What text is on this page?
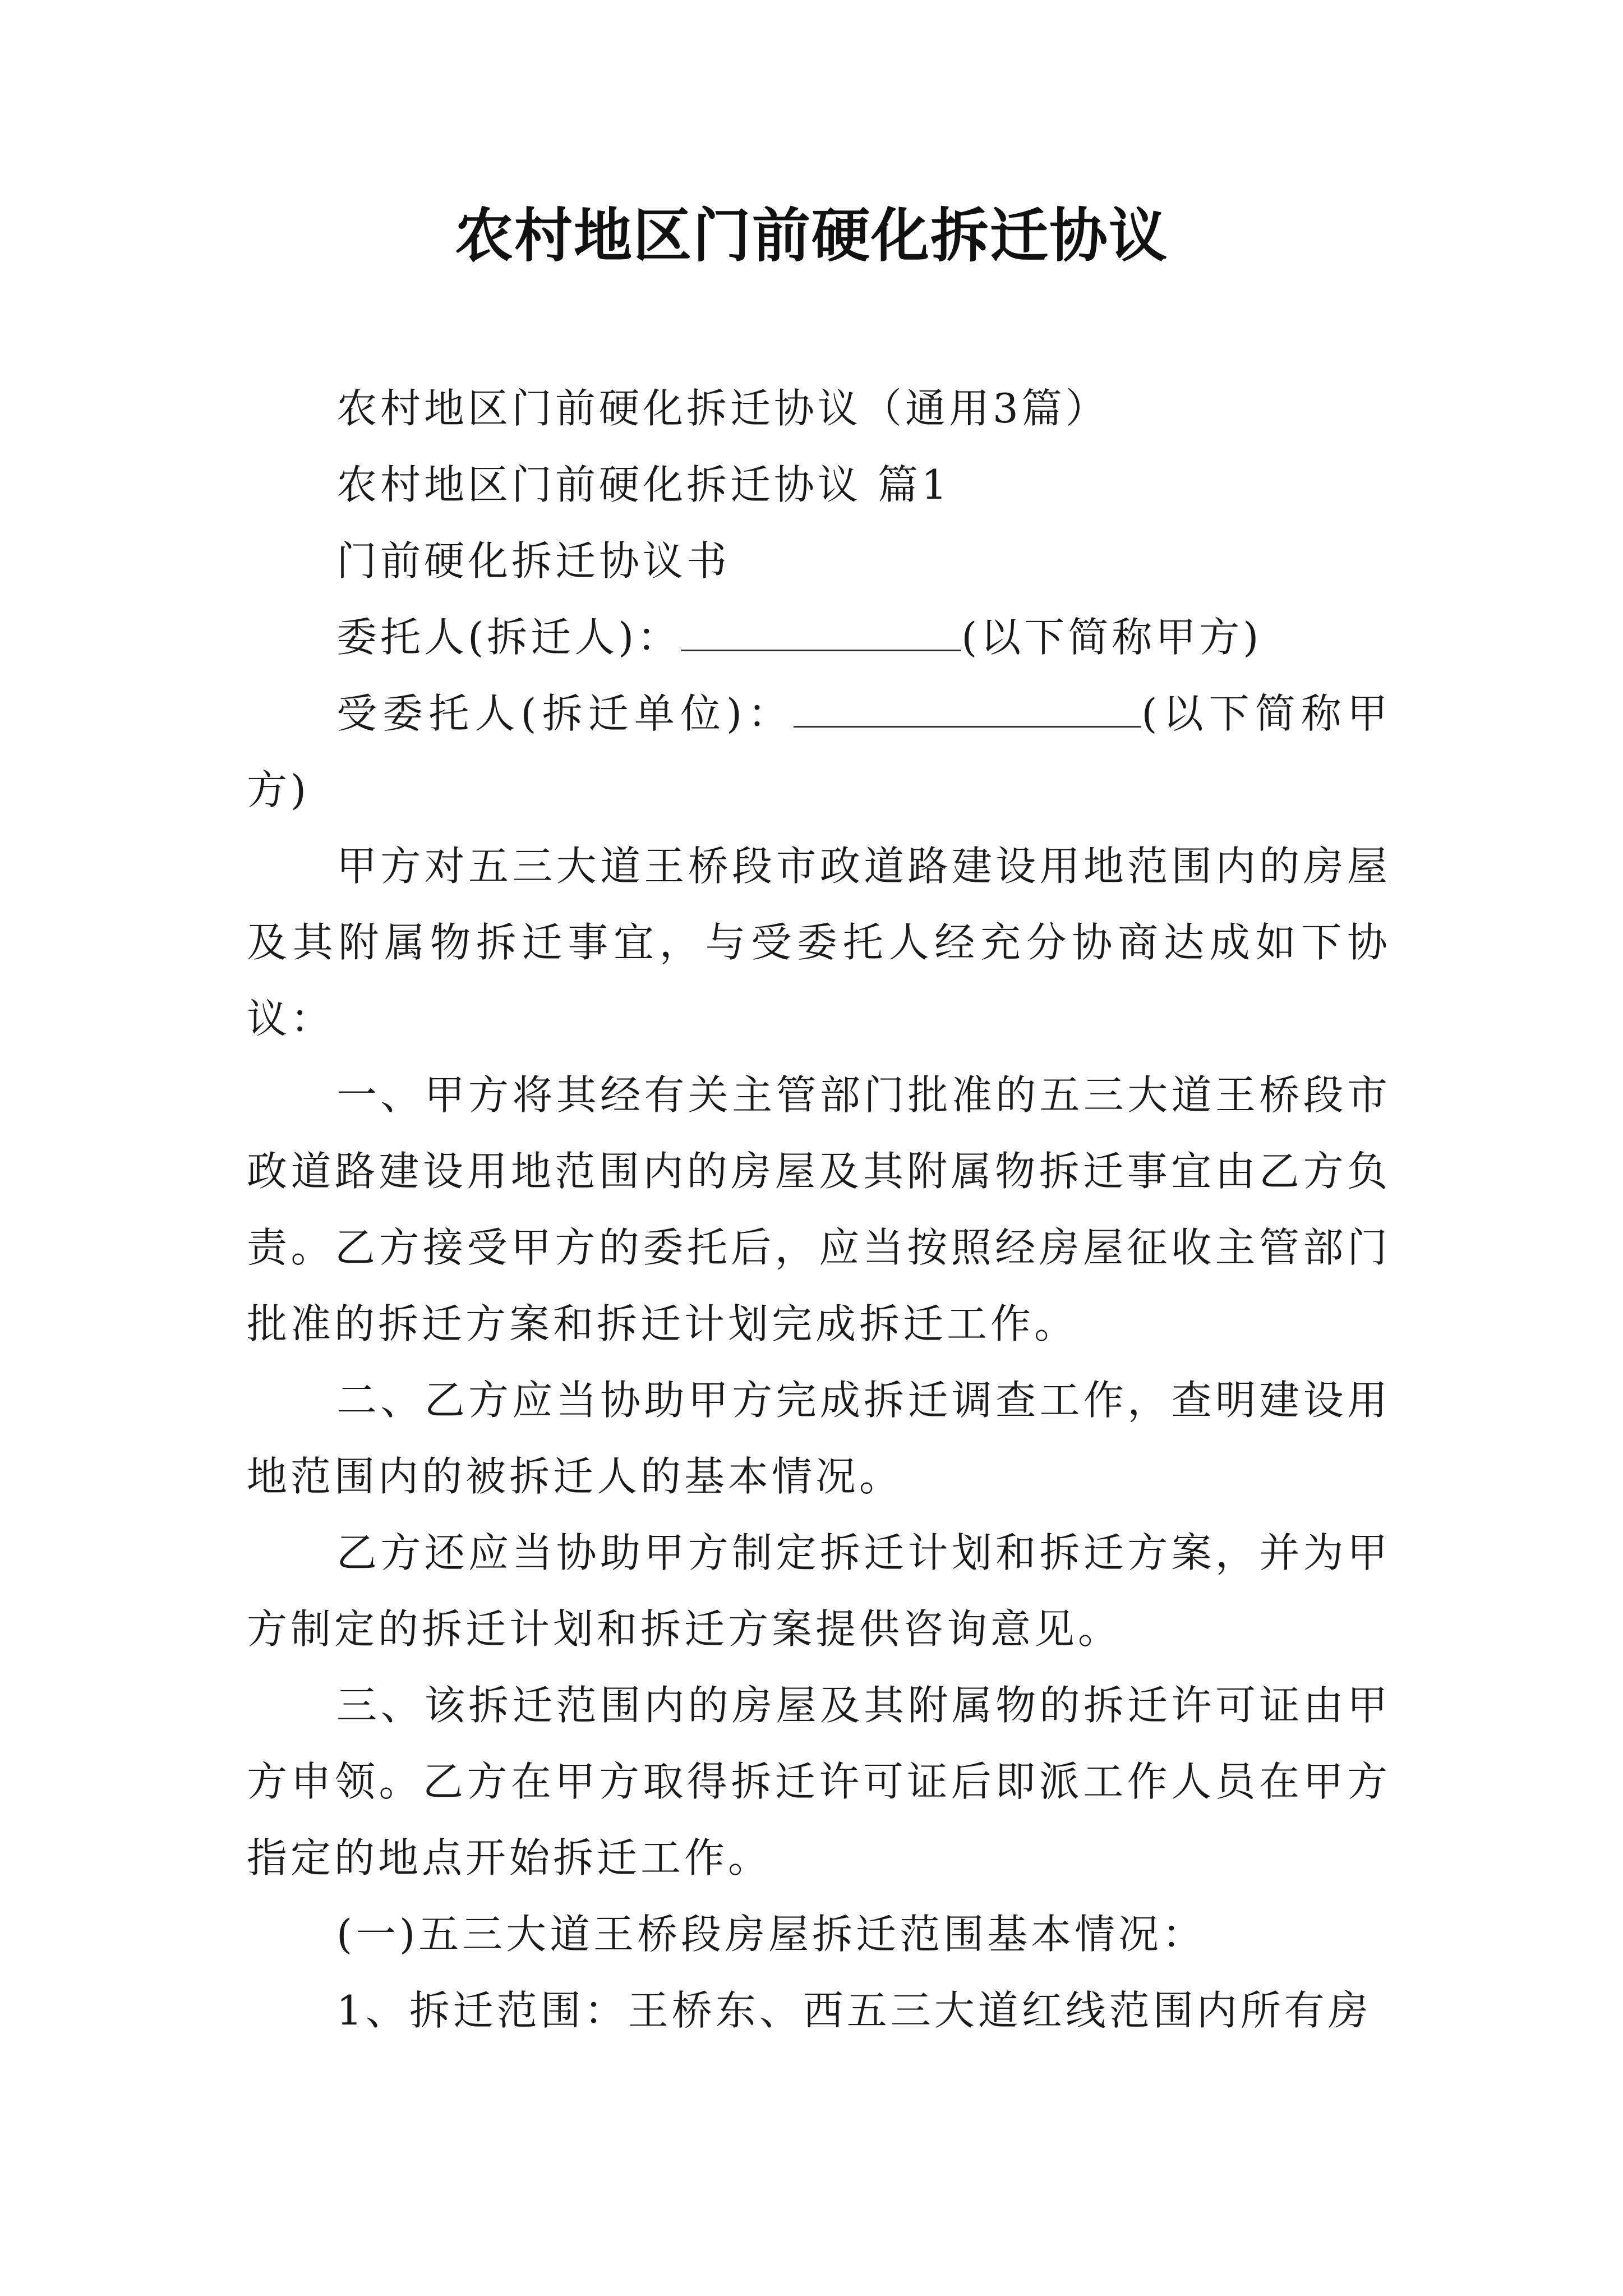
农村地区门前硬化拆迁协议

农村地区门前硬化拆迁协议（通用3篇）

农村地区门前硬化拆迁协议 篇1

门前硬化拆迁协议书

委托人(拆迁人)：	(以下简称甲方)

受委托人(拆迁单位)：	(以下简称甲方)

甲方对五三大道王桥段市政道路建设用地范围内的房屋及其附属物拆迁事宜，与受委托人经充分协商达成如下协议：

一、甲方将其经有关主管部门批准的五三大道王桥段市政道路建设用地范围内的房屋及其附属物拆迁事宜由乙方负责。乙方接受甲方的委托后，应当按照经房屋征收主管部门批准的拆迁方案和拆迁计划完成拆迁工作。

二、乙方应当协助甲方完成拆迁调查工作，查明建设用地范围内的被拆迁人的基本情况。

乙方还应当协助甲方制定拆迁计划和拆迁方案，并为甲方制定的拆迁计划和拆迁方案提供咨询意见。

三、该拆迁范围内的房屋及其附属物的拆迁许可证由甲方申领。乙方在甲方取得拆迁许可证后即派工作人员在甲方指定的地点开始拆迁工作。

(一)五三大道王桥段房屋拆迁范围基本情况：

1、拆迁范围：王桥东、西五三大道红线范围内所有房
